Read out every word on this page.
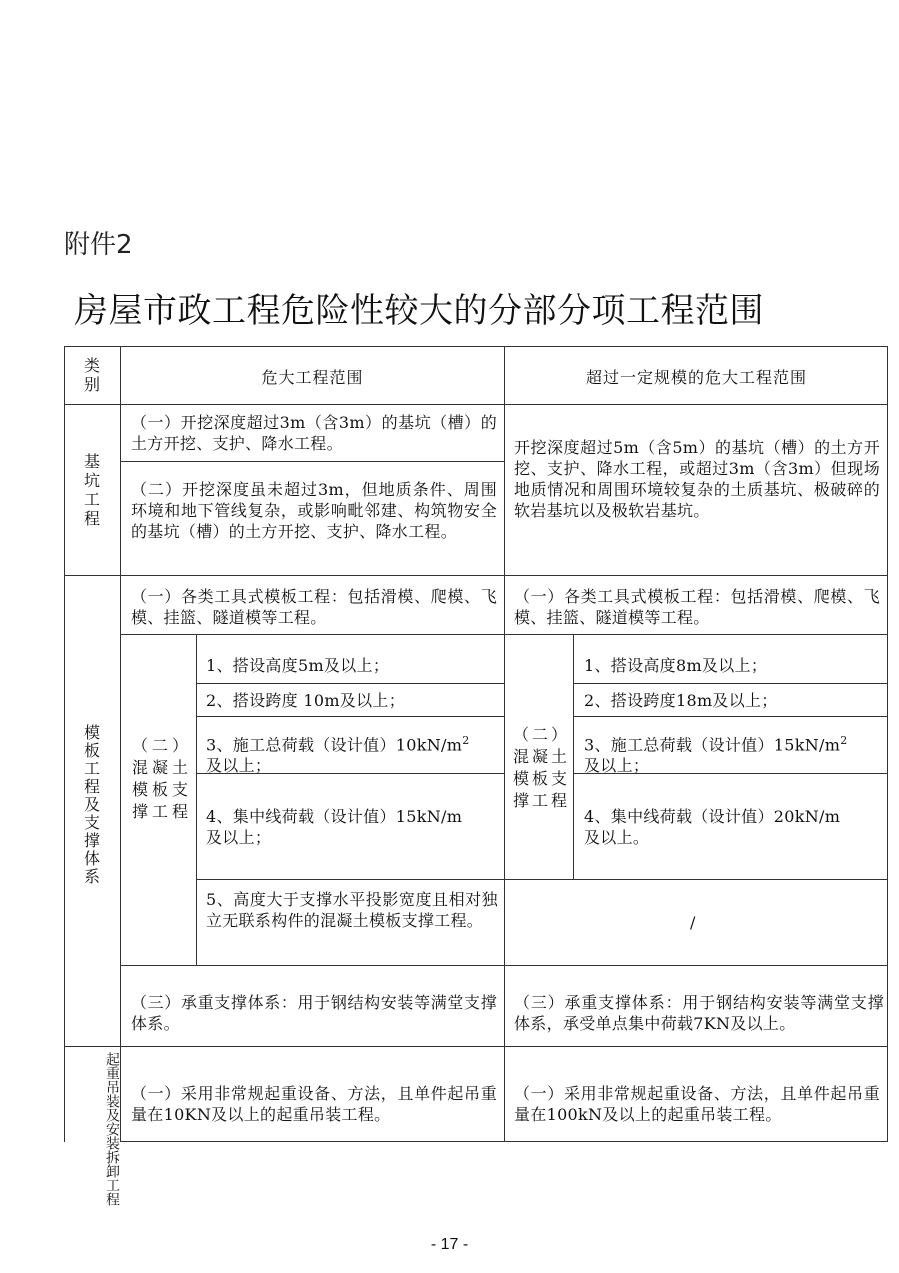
附件2
房屋市政工程危险性较大的分部分项工程范围
类别	危大工程范围	超过一定规模的危大工程范围
基坑工程
（一）开挖深度超过3m（含3m）的基坑（槽）的土方开挖、支护、降水工程。
（二）开挖深度虽未超过3m，但地质条件、周围环境和地下管线复杂，或影响毗邻建、构筑物安全的基坑（槽）的土方开挖、支护、降水工程。
开挖深度超过5m（含5m）的基坑（槽）的土方开挖、支护、降水工程，或超过3m（含3m）但现场地质情况和周围环境较复杂的土质基坑、极破碎的软岩基坑以及极软岩基坑。
模板工程及支撑体系
（一）各类工具式模板工程：包括滑模、爬模、飞模、挂篮、隧道模等工程。
（一）各类工具式模板工程：包括滑模、爬模、飞模、挂篮、隧道模等工程。
（二）混凝土模板支撑工程
（二）混凝土模板支撑工程
1、搭设高度5m及以上；
2、搭设跨度 10m及以上；
3、施工总荷载（设计值）$10kN/m^2$
及以上；
4、集中线荷载（设计值）15kN/m
及以上；
5、高度大于支撑水平投影宽度且相对独立无联系构件的混凝土模板支撑工程。
1、搭设高度8m及以上；
2、搭设跨度18m及以上；
3、施工总荷载（设计值）$15kN/m^2$
及以上；
4、集中线荷载（设计值）20kN/m
及以上。
/
（三）承重支撑体系：用于钢结构安装等满堂支撑体系。
（三）承重支撑体系：用于钢结构安装等满堂支撑体系，承受单点集中荷载7KN及以上。
起重吊装及安装拆卸工程 （一）采用非常规起重设备、方法，且单件起吊重量在10KN及以上的起重吊装工程。
（一）采用非常规起重设备、方法，且单件起吊重量在100kN及以上的起重吊装工程。
- 17 -
